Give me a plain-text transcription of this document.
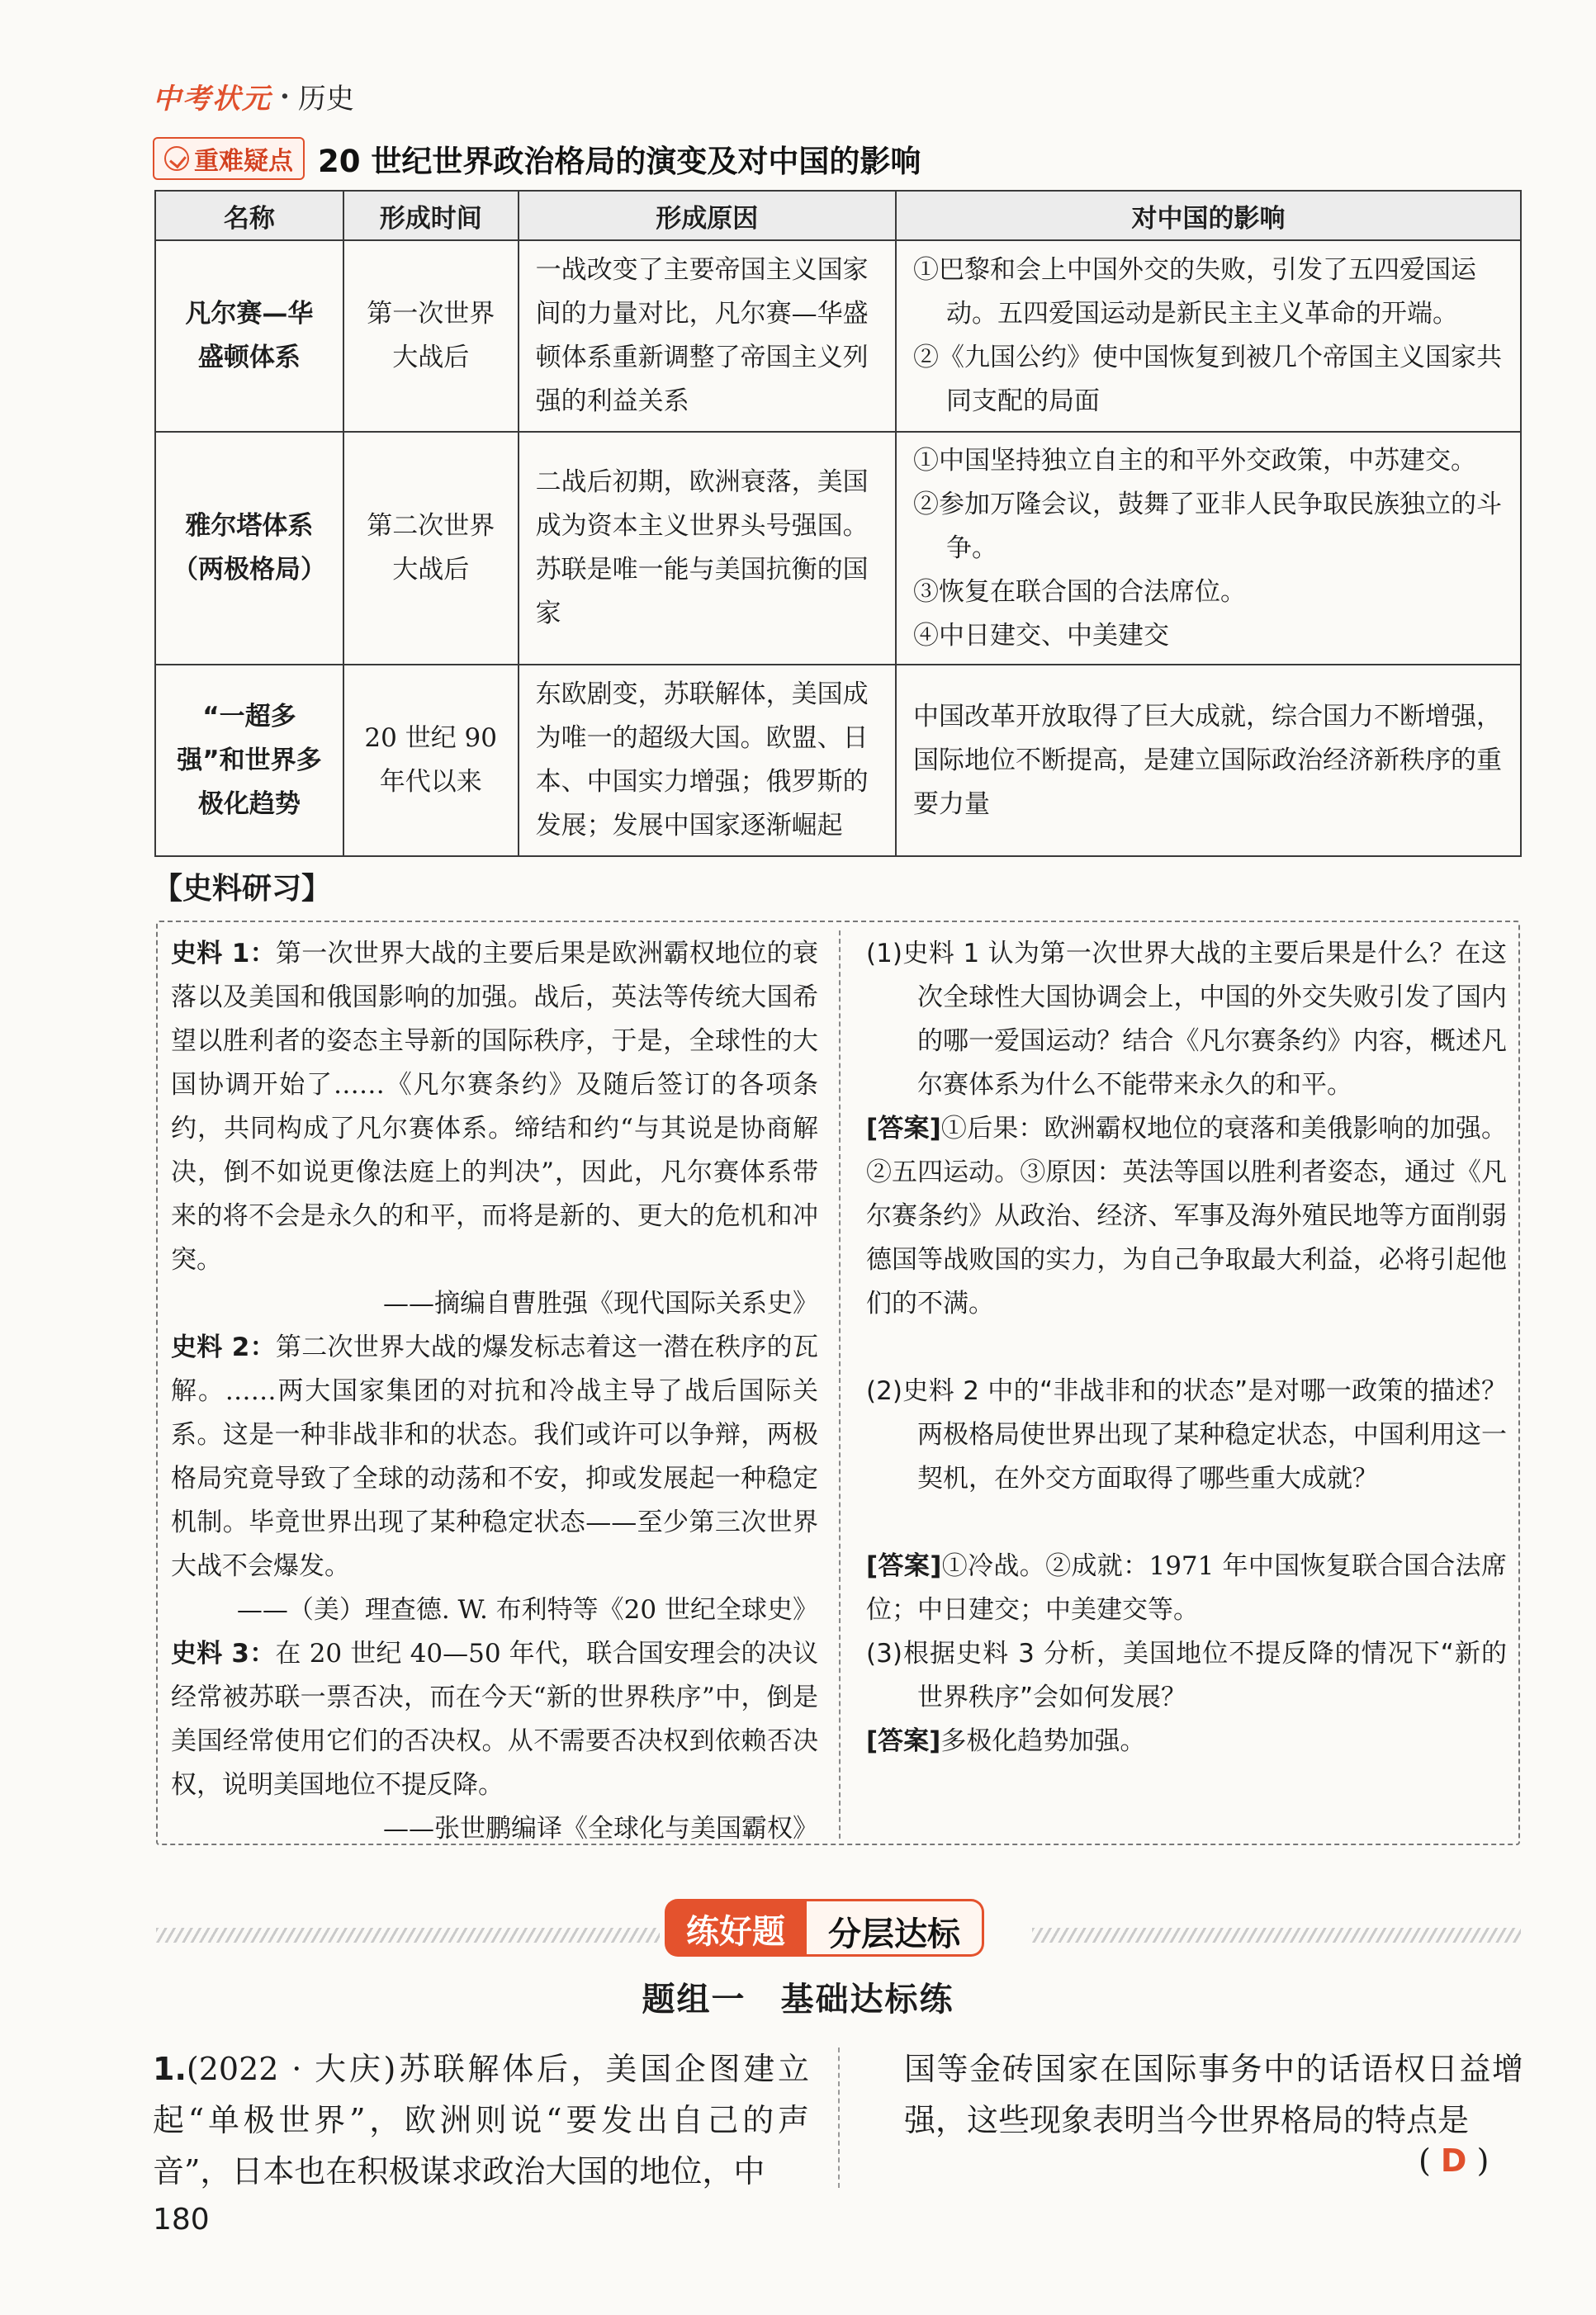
中考状元 · 历史
重难疑点 20 世纪世界政治格局的演变及对中国的影响
名称	形成时间	形成原因	对中国的影响
凡尔赛—华盛顿体系	第一次世界大战后	一战改变了主要帝国主义国家间的力量对比，凡尔赛—华盛顿体系重新调整了帝国主义列强的利益关系	①巴黎和会上中国外交的失败，引发了五四爱国运动。五四爱国运动是新民主主义革命的开端。
②《九国公约》使中国恢复到被几个帝国主义国家共同支配的局面

雅尔塔体系（两极格局）	第二次世界大战后	二战后初期，欧洲衰落，美国成为资本主义世界头号强国。苏联是唯一能与美国抗衡的国家	①中国坚持独立自主的和平外交政策，中苏建交。
②参加万隆会议，鼓舞了亚非人民争取民族独立的斗争。
③恢复在联合国的合法席位。
④中日建交、中美建交

“一超多强”和世界多极化趋势	20 世纪 90 年代以来	东欧剧变，苏联解体，美国成为唯一的超级大国。欧盟、日本、中国实力增强；俄罗斯的发展；发展中国家逐渐崛起	中国改革开放取得了巨大成就，综合国力不断增强，国际地位不断提高，是建立国际政治经济新秩序的重要力量
【史料研习】
史料 1：第一次世界大战的主要后果是欧洲霸权地位的衰落以及美国和俄国影响的加强。战后，英法等传统大国希望以胜利者的姿态主导新的国际秩序，于是，全球性的大国协调开始了……《凡尔赛条约》及随后签订的各项条约，共同构成了凡尔赛体系。缔结和约“与其说是协商解决，倒不如说更像法庭上的判决”，因此，凡尔赛体系带来的将不会是永久的和平，而将是新的、更大的危机和冲突。
——摘编自曹胜强《现代国际关系史》
史料 2：第二次世界大战的爆发标志着这一潜在秩序的瓦解。……两大国家集团的对抗和冷战主导了战后国际关系。这是一种非战非和的状态。我们或许可以争辩，两极格局究竟导致了全球的动荡和不安，抑或发展起一种稳定机制。毕竟世界出现了某种稳定状态——至少第三次世界大战不会爆发。
——（美）理查德. W. 布利特等《20 世纪全球史》
史料 3：在 20 世纪 40—50 年代，联合国安理会的决议经常被苏联一票否决，而在今天“新的世界秩序”中，倒是美国经常使用它们的否决权。从不需要否决权到依赖否决权，说明美国地位不提反降。
——张世鹏编译《全球化与美国霸权》
(1)史料 1 认为第一次世界大战的主要后果是什么？在这次全球性大国协调会上，中国的外交失败引发了国内的哪一爱国运动？结合《凡尔赛条约》内容，概述凡尔赛体系为什么不能带来永久的和平。
[答案]①后果：欧洲霸权地位的衰落和美俄影响的加强。②五四运动。③原因：英法等国以胜利者姿态，通过《凡尔赛条约》从政治、经济、军事及海外殖民地等方面削弱德国等战败国的实力，为自己争取最大利益，必将引起他们的不满。
(2)史料 2 中的“非战非和的状态”是对哪一政策的描述？两极格局使世界出现了某种稳定状态，中国利用这一契机，在外交方面取得了哪些重大成就？
[答案]①冷战。②成就：1971 年中国恢复联合国合法席位；中日建交；中美建交等。
(3)根据史料 3 分析，美国地位不提反降的情况下“新的世界秩序”会如何发展？
[答案]多极化趋势加强。
练好题	分层达标
题组一　基础达标练
1.(2022 · 大庆)苏联解体后，美国企图建立起“单极世界”，欧洲则说“要发出自己的声音”，日本也在积极谋求政治大国的地位，中
国等金砖国家在国际事务中的话语权日益增强，这些现象表明当今世界格局的特点是
( D )
180
